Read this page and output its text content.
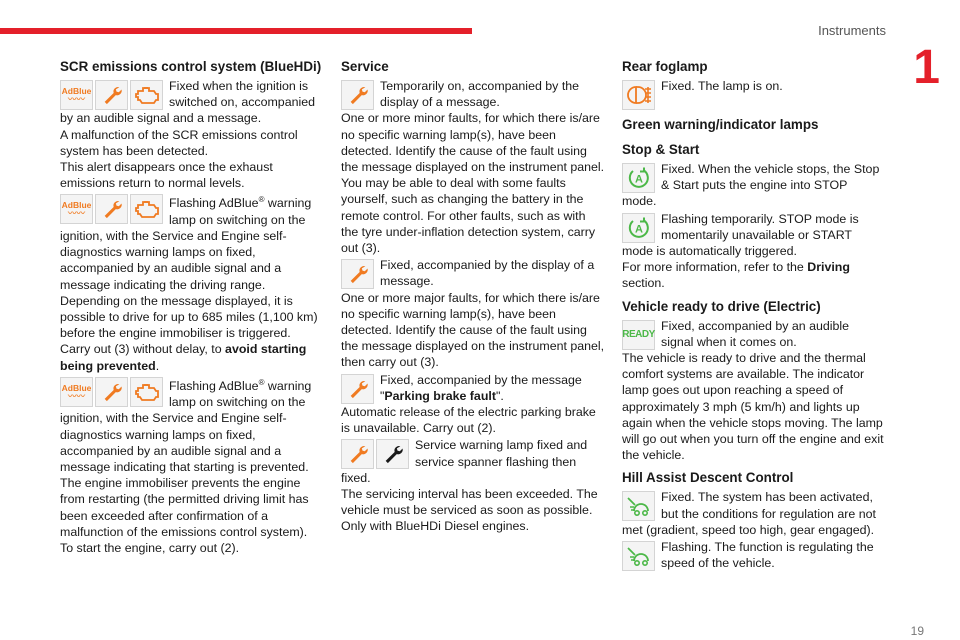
Instruments
1
19
SCR emissions control system (BlueHDi)
AdBlue
〰〰

Fixed when the ignition is switched on, accompanied by an audible signal and a message.

A malfunction of the SCR emissions control system has been detected.

This alert disappears once the exhaust emissions return to normal levels.

AdBlue
〰〰

Flashing AdBlue® warning lamp on switching on the ignition, with the Service and Engine self-diagnostics warning lamps on fixed, accompanied by an audible signal and a message indicating the driving range.

Depending on the message displayed, it is possible to drive for up to 685 miles (1,100 km) before the engine immobiliser is triggered.

Carry out (3) without delay, to avoid starting being prevented.

AdBlue
〰〰

Flashing AdBlue® warning lamp on switching on the ignition, with the Service and Engine self-diagnostics warning lamps on fixed, accompanied by an audible signal and a message indicating that starting is prevented.

The engine immobiliser prevents the engine from restarting (the permitted driving limit has been exceeded after confirmation of a malfunction of the emissions control system).

To start the engine, carry out (2).

Service

Temporarily on, accompanied by the display of a message.

One or more minor faults, for which there is/are no specific warning lamp(s), have been detected. Identify the cause of the fault using the message displayed on the instrument panel. You may be able to deal with some faults yourself, such as changing the battery in the remote control. For other faults, such as with the tyre under-inflation detection system, carry out (3).

Fixed, accompanied by the display of a message.

One or more major faults, for which there is/are no specific warning lamp(s), have been detected. Identify the cause of the fault using the message displayed on the instrument panel, then carry out (3).

Fixed, accompanied by the message "Parking brake fault".

Automatic release of the electric parking brake is unavailable. Carry out (2).

Service warning lamp fixed and service spanner flashing then fixed.

The servicing interval has been exceeded. The vehicle must be serviced as soon as possible. Only with BlueHDi Diesel engines.

Rear foglamp

Fixed. The lamp is on.

Green warning/indicator lamps
Stop & Start
A

Fixed. When the vehicle stops, the Stop & Start puts the engine into STOP mode.

A

Flashing temporarily. STOP mode is momentarily unavailable or START mode is automatically triggered.

For more information, refer to the Driving section.

Vehicle ready to drive (Electric)
READY

Fixed, accompanied by an audible signal when it comes on.

The vehicle is ready to drive and the thermal comfort systems are available. The indicator lamp goes out upon reaching a speed of approximately 3 mph (5 km/h) and lights up again when the vehicle stops moving. The lamp will go out when you turn off the engine and exit the vehicle.

Hill Assist Descent Control

Fixed. The system has been activated, but the conditions for regulation are not met (gradient, speed too high, gear engaged).

Flashing. The function is regulating the speed of the vehicle.
